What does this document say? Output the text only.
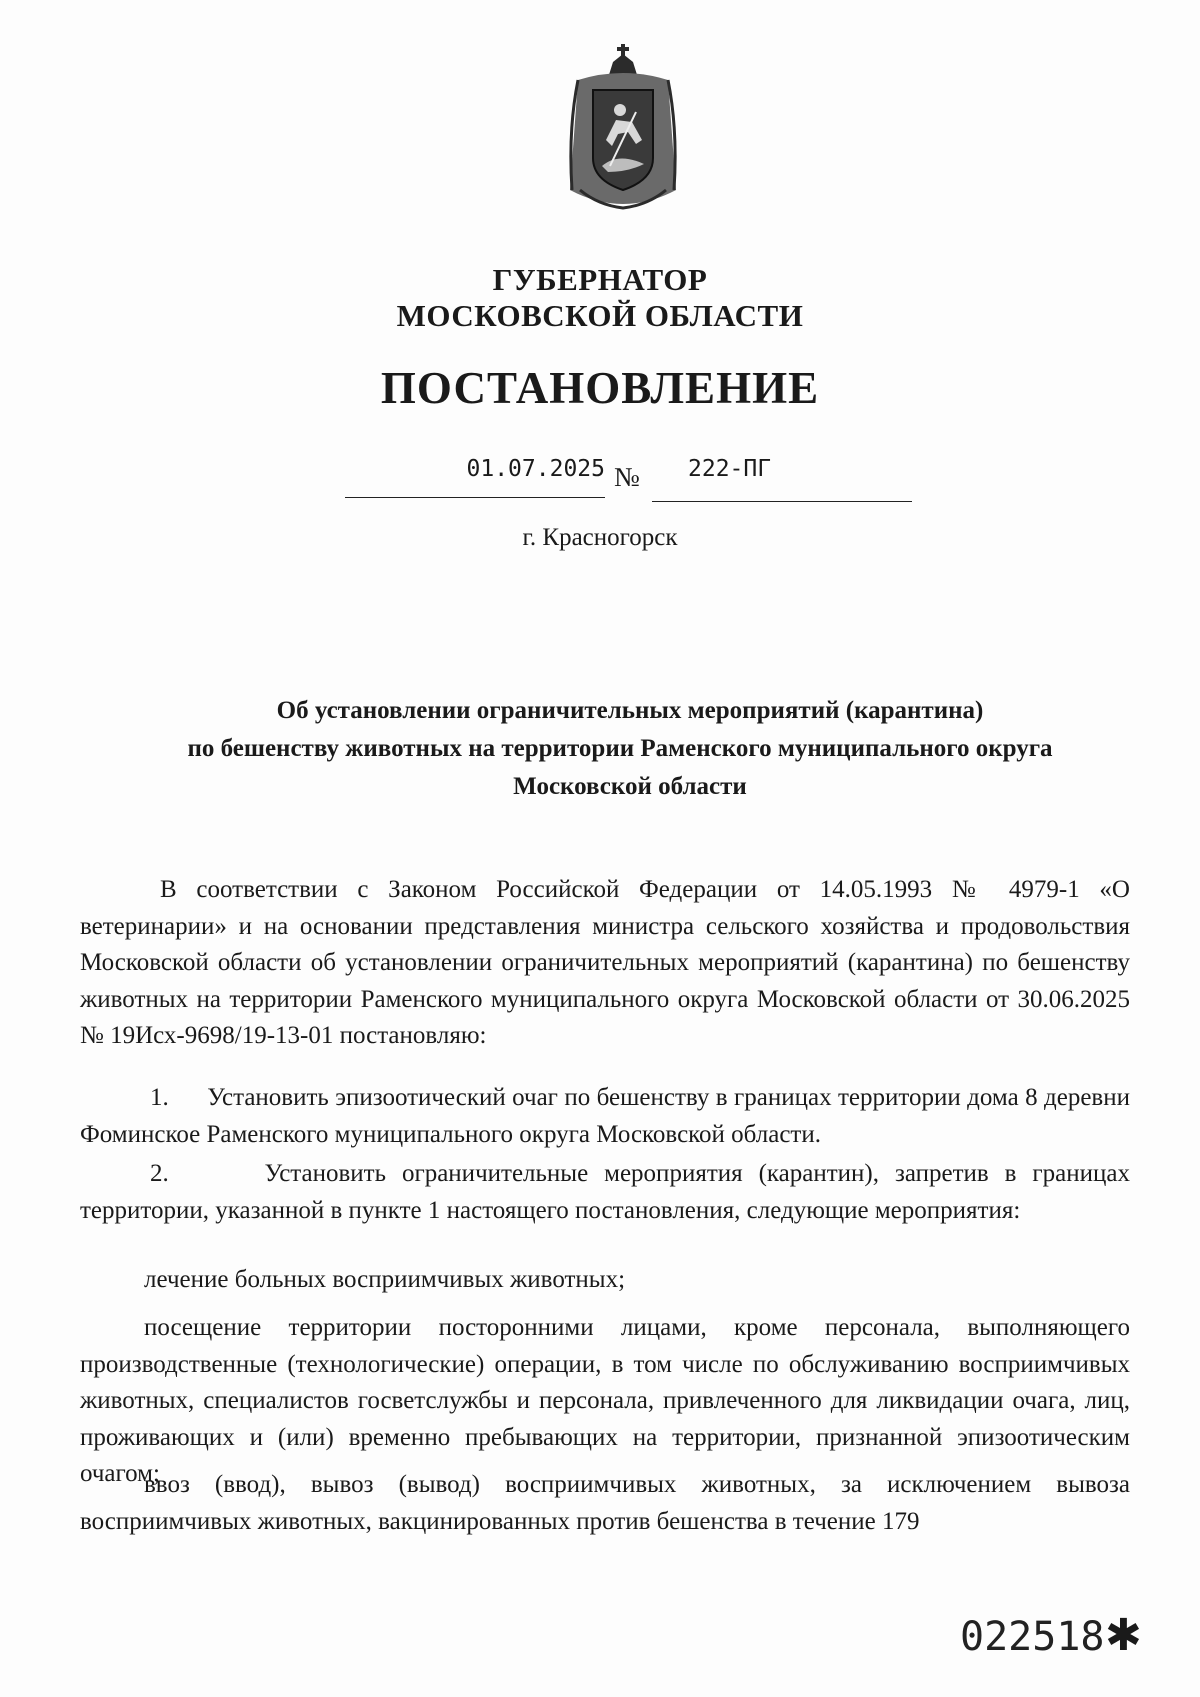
ГУБЕРНАТОР
МОСКОВСКОЙ ОБЛАСТИ
ПОСТАНОВЛЕНИЕ
01.07.2025 № 222-ПГ
г. Красногорск
Об установлении ограничительных мероприятий (карантина)
по бешенству животных на территории Раменского муниципального округа
Московской области

В соответствии с Законом Российской Федерации от 14.05.1993 № 4979-1 «О ветеринарии» и на основании представления министра сельского хозяйства и продовольствия Московской области об установлении ограничительных мероприятий (карантина) по бешенству животных на территории Раменского муниципального округа Московской области от 30.06.2025 № 19Исх-9698/19-13-01 постановляю:

1.      Установить эпизоотический очаг по бешенству в границах территории дома 8 деревни Фоминское Раменского муниципального округа Московской области.

2.      Установить ограничительные мероприятия (карантин), запретив в границах территории, указанной в пункте 1 настоящего постановления, следующие мероприятия:

лечение больных восприимчивых животных;

посещение территории посторонними лицами, кроме персонала, выполняющего производственные (технологические) операции, в том числе по обслуживанию восприимчивых животных, специалистов госветслужбы и персонала, привлеченного для ликвидации очага, лиц, проживающих и (или) временно пребывающих на территории, признанной эпизоотическим очагом;

ввоз (ввод), вывоз (вывод) восприимчивых животных, за исключением вывоза восприимчивых животных, вакцинированных против бешенства в течение 179

022518 ✱
